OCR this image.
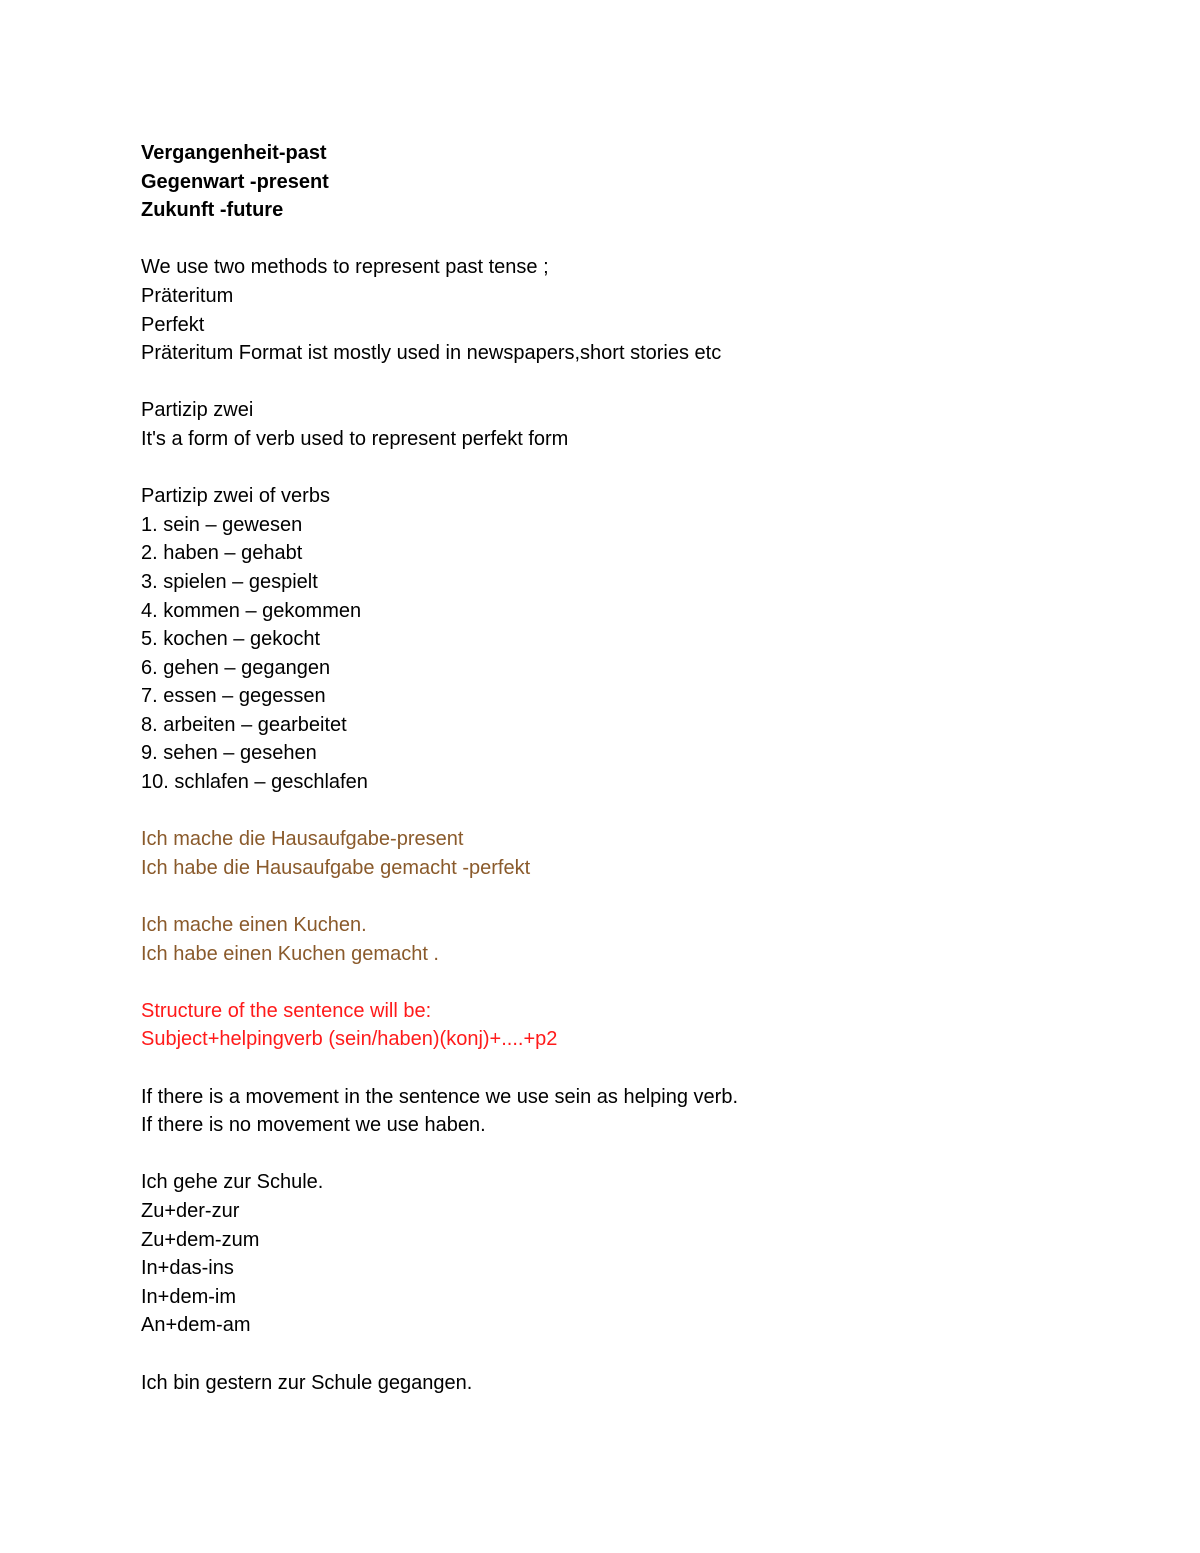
Vergangenheit-past
Gegenwart -present
Zukunft -future
We use two methods to represent past tense ;
Präteritum
Perfekt
Präteritum Format ist mostly used in newspapers,short stories etc
Partizip zwei
It's a form of verb used to represent perfekt form
Partizip zwei of verbs
1. sein – gewesen
2. haben – gehabt
3. spielen – gespielt
4. kommen – gekommen
5. kochen – gekocht
6. gehen – gegangen
7. essen – gegessen
8. arbeiten – gearbeitet
9. sehen – gesehen
10. schlafen – geschlafen
Ich mache die Hausaufgabe-present
Ich habe die Hausaufgabe gemacht -perfekt
Ich mache einen Kuchen.
Ich habe einen Kuchen gemacht .
Structure of the sentence will be:
Subject+helpingverb (sein/haben)(konj)+....+p2
If there is a movement in the sentence we use sein as helping verb.
If there is no movement we use haben.
Ich gehe zur Schule.
Zu+der-zur
Zu+dem-zum
In+das-ins
In+dem-im
An+dem-am
Ich bin gestern zur Schule gegangen.
